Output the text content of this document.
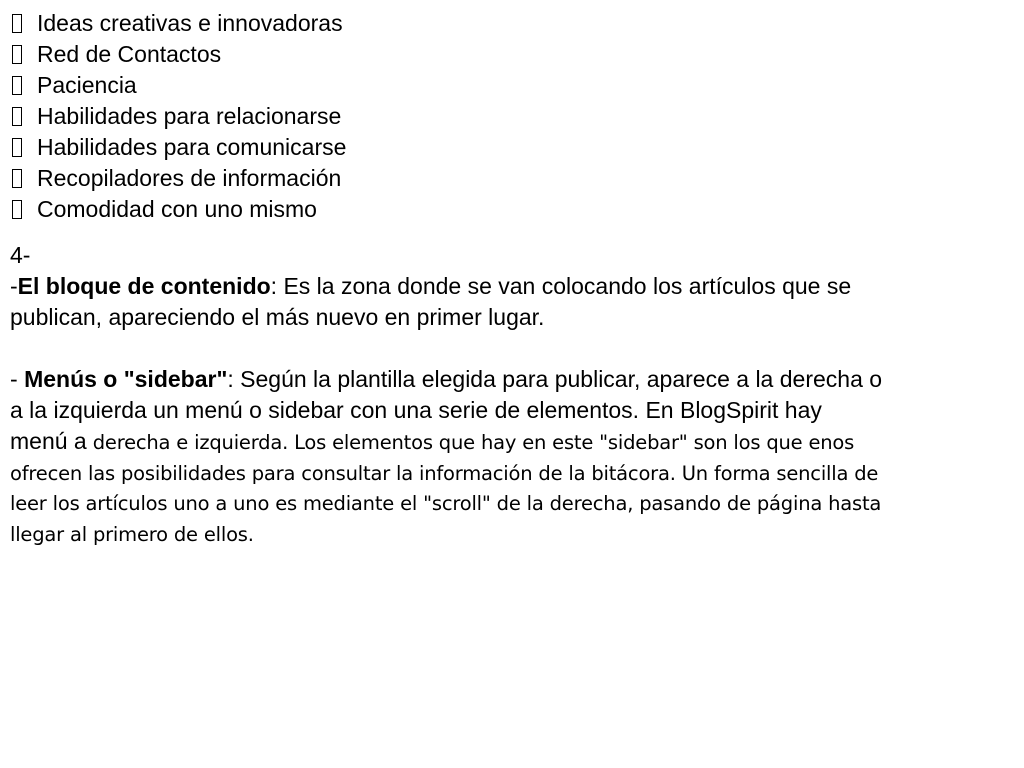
Ideas creativas e innovadoras
Red de Contactos
Paciencia
Habilidades para relacionarse
Habilidades para comunicarse
Recopiladores de información
Comodidad con uno mismo
4-
-El bloque de contenido: Es la zona donde se van colocando los artículos que se
publican, apareciendo el más nuevo en primer lugar.
- Menús o "sidebar": Según la plantilla elegida para publicar, aparece a la derecha o
a la izquierda un menú o sidebar con una serie de elementos. En BlogSpirit hay
menú a derecha e izquierda. Los elementos que hay en este "sidebar" son los que enos
ofrecen las posibilidades para consultar la información de la bitácora. Un forma sencilla de
leer los artículos uno a uno es mediante el "scroll" de la derecha, pasando de página hasta
llegar al primero de ellos.
